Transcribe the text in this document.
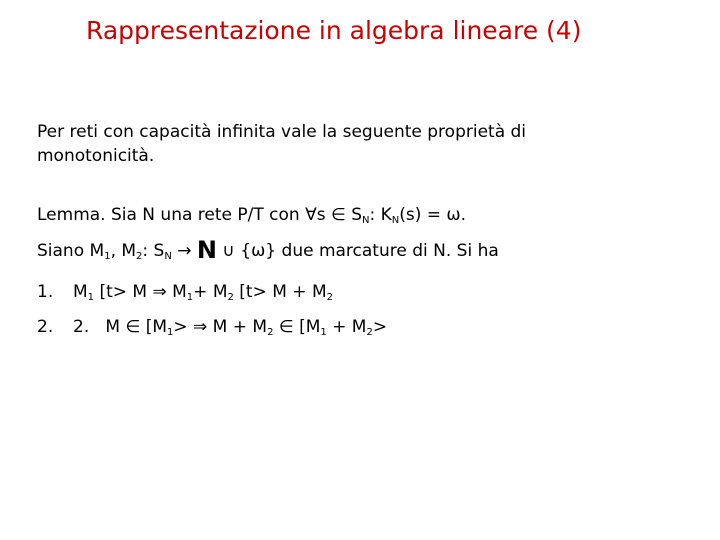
Rappresentazione in algebra lineare (4)
Per reti con capacità infinita vale la seguente proprietà di
monotonicità.
Lemma. Sia N una rete P/T con ∀s ∈ $S_N$: $K_N(s) = \omega$.
Siano $M_1$, $M_2$: $S_N \to N$ ∪ {ω} due marcature di N. Si ha
1. $M_1$ [t> M ⇒ $M_1+ M_2$ [$t> M + M_2$
2. 2.   M ∈ [$M_1>$ ⇒ $M + M_2$ ∈ [$M_1 + M_2>$
